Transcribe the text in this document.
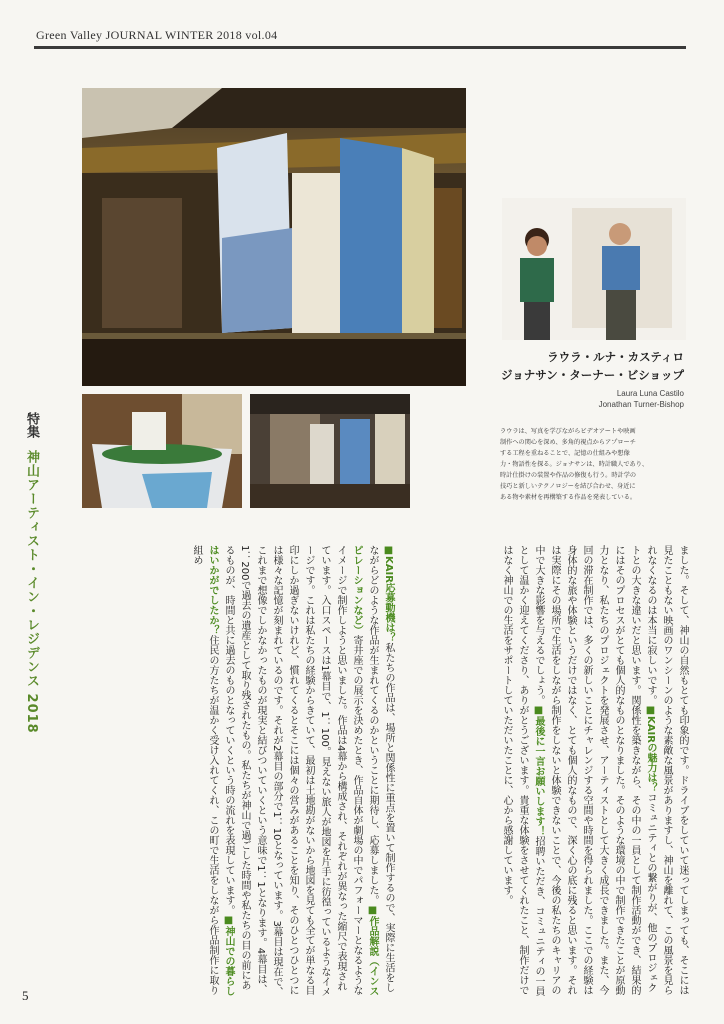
Green Valley JOURNAL WINTER 2018 vol.04
ラウラ・ルナ・カスティロ
ジョナサン・ターナー・ビショップ
Laura Luna Castilo
Jonathan Turner-Bishop
ラウラは、写真を学びながらビデオアートや映画
制作への関心を深め、多角的視点からアプローチ
する工程を重ねることで、記憶の仕組みや想像
力・物語性を探る。ジョナサンは、時計職人であり、
時計仕掛けの装置や作品の修復も行う。時計学の
技巧と新しいテクノロジーを結び合わせ、身近に
ある物や素材を再構築する作品を発表している。
特集 神山アーティスト・イン・レジデンス 2018	ました。そして、神山の自然もとても印象的です。ドライブをしていて迷ってしまっても、そこには見たこともない映画のワンシーンのような素敵な風景がありますし、神山を離れて、この風景を見られなくなるのは本当に寂しいです。■KAIRの魅力は？コミュニティとの繋がりが、他のプロジェクトとの大きな違いだと思います。関係性を築きながら、その中の一員として制作活動ができ、結果的にはそのプロセスがとても個人的なものとなりました。そのような環境の中で制作できたことが原動力となり、私たちのプロジェクトを発展させ、アーティストとして大きく成長できました。また、今回の滞在制作では、多くの新しいことにチャレンジする空間や時間を得られました。ここでの経験は身体的な旅や体験というだけではなく、とても個人的なもので、深く心の底に残ると思います。それは実際にその場所で生活をしながら制作をしないと体験できないことで、今後の私たちのキャリアの中で大きな影響を与えるでしょう。■最後に一言お願いします！招聘いただき、コミュニティの一員として温かく迎えてくださり、ありがとうございます。貴重な体験をさせてくれたこと、制作だけではなく神山での生活をサポートしていただいたことに、心から感謝しています。
■KAIR応募動機は？私たちの作品は、場所と関係性に重点を置いて制作するので、実際に生活をしながらどのような作品が生まれてくるのかということに期待し、応募しました。■作品解説（インスピレーションなど）寄井座での展示を決めたとき、作品自体が劇場の中でパフォーマーとなるようなイメージで制作しようと思いました。作品は4幕から構成され、それぞれが異なった縮尺で表現されています。入口スペースは1幕目で、1：100。見えない旅人が地図を片手に彷徨っているようなイメージです。これは私たちの経験からきていて、最初は土地勘がないから地図を見ても全てが単なる目印にしか過ぎないけれど、慣れてくるとそこには個々の営みがあることを知り、そのひとつひとつには様々な記憶が刻まれているのです。それが2幕目の部分で1：10となっています。3幕目は現在で、これまで想像でしかなかったものが現実と結びついていくという意味で1：1となります。4幕目は、1：200で過去の遺産として取り残されたもの。私たちが神山で過ごした時間や私たちの目の前にあるものが、時間と共に過去のものとなっていくという時の流れを表現しています。■神山での暮らしはいかがでしたか？住民の方たちが温かく受け入れてくれ、この町で生活をしながら作品制作に取り組め
5
